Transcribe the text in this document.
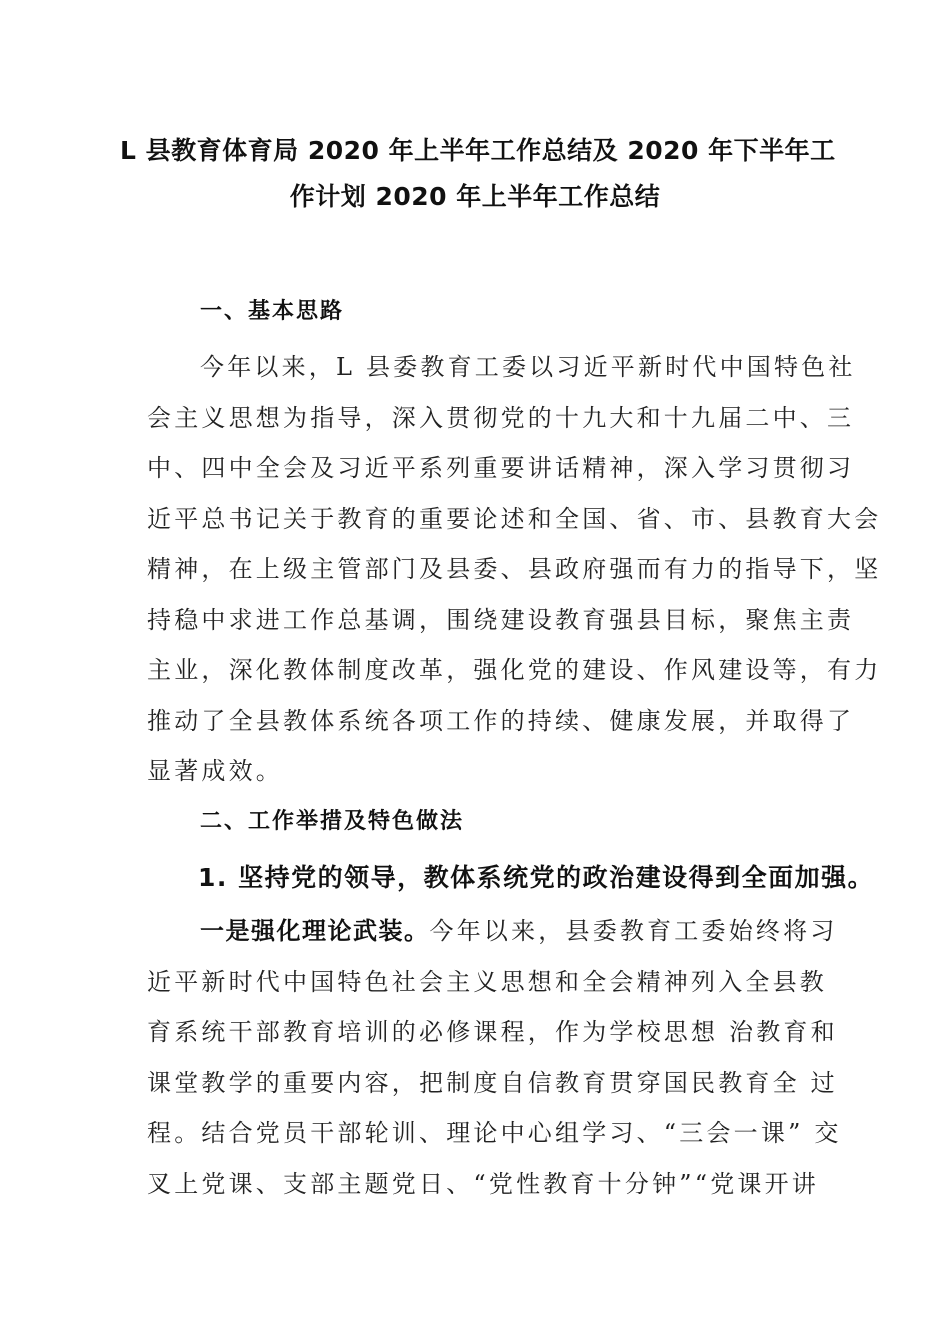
L 县教育体育局 2020 年上半年工作总结及 2020 年下半年工
作计划 2020 年上半年工作总结
一、基本思路
今年以来，L 县委教育工委以习近平新时代中国特色社
会主义思想为指导，深入贯彻党的十九大和十九届二中、三
中、四中全会及习近平系列重要讲话精神，深入学习贯彻习
近平总书记关于教育的重要论述和全国、省、市、县教育大会
精神，在上级主管部门及县委、县政府强而有力的指导下，坚
持稳中求进工作总基调，围绕建设教育强县目标，聚焦主责
主业，深化教体制度改革，强化党的建设、作风建设等，有力
推动了全县教体系统各项工作的持续、健康发展，并取得了
显著成效。
二、工作举措及特色做法
1. 坚持党的领导，教体系统党的政治建设得到全面加强。
一是强化理论武装。今年以来，县委教育工委始终将习
近平新时代中国特色社会主义思想和全会精神列入全县教
育系统干部教育培训的必修课程，作为学校思想 治教育和
课堂教学的重要内容，把制度自信教育贯穿国民教育全 过
程。结合党员干部轮训、理论中心组学习、“三会一课” 交
叉上党课、支部主题党日、“党性教育十分钟”“党课开讲
